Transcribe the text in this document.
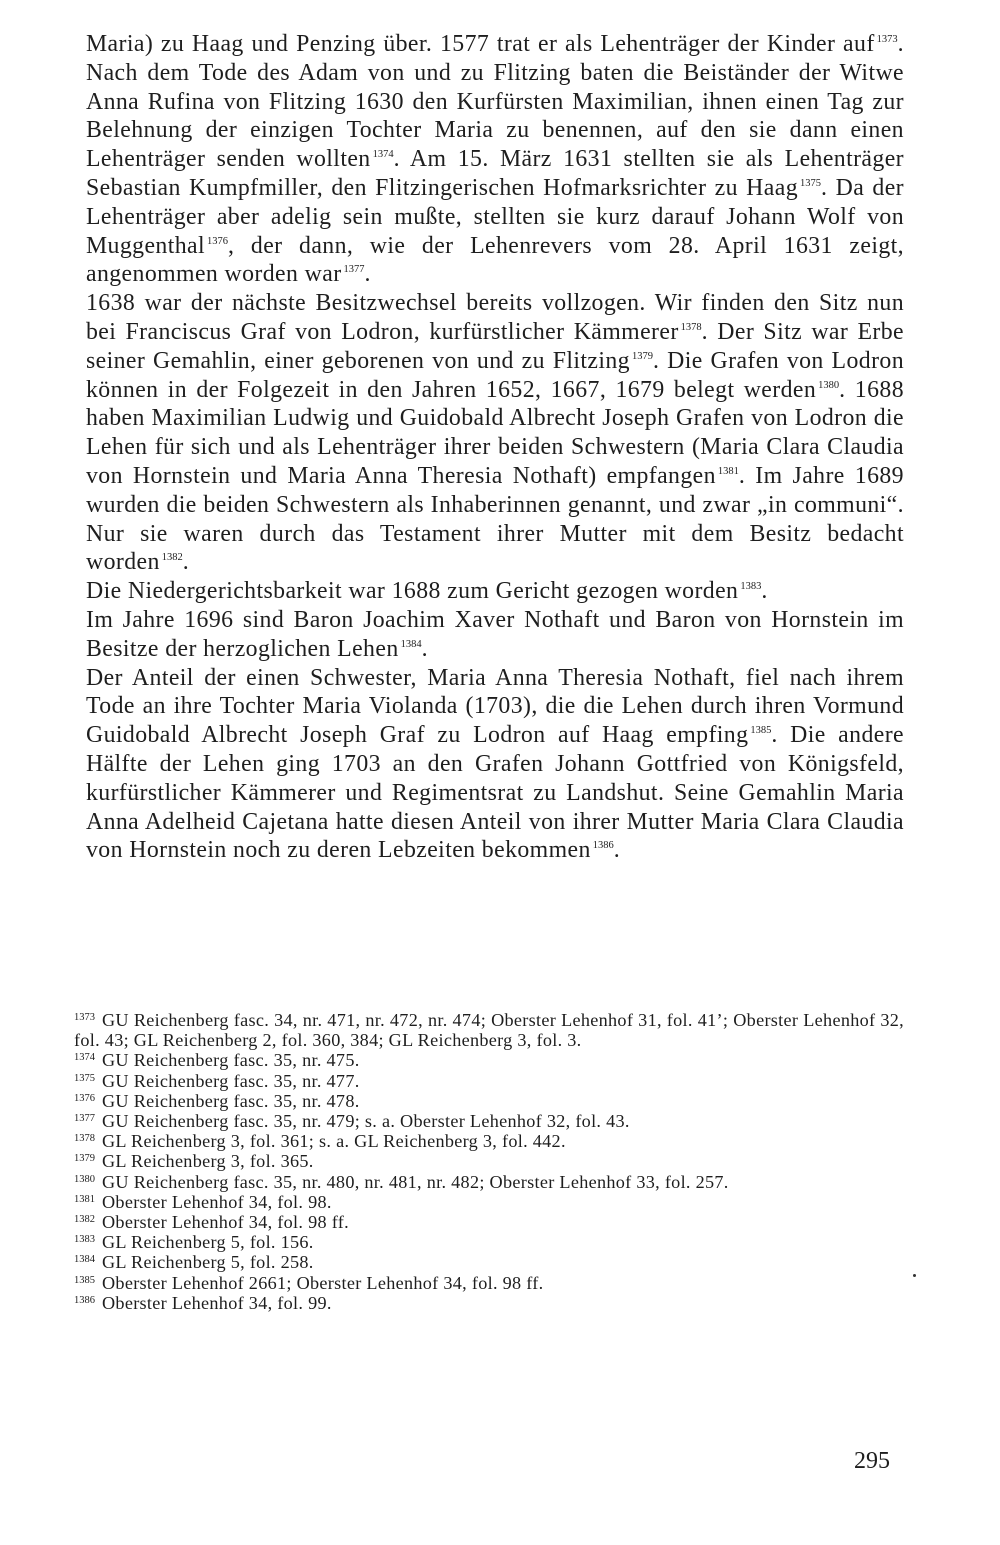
Maria) zu Haag und Penzing über. 1577 trat er als Lehenträger der Kinder auf $^{1373}$. Nach dem Tode des Adam von und zu Flitzing baten die Beiständer der Witwe Anna Rufina von Flitzing 1630 den Kurfürsten Maximilian, ihnen einen Tag zur Belehnung der einzigen Tochter Maria zu benennen, auf den sie dann einen Lehenträger senden wollten $^{1374}$. Am 15. März 1631 stellten sie als Lehenträger Sebastian Kumpfmiller, den Flitzingerischen Hofmarksrichter zu Haag $^{1375}$. Da der Lehenträger aber adelig sein mußte, stellten sie kurz darauf Johann Wolf von Muggenthal $^{1376}$, der dann, wie der Lehenrevers vom 28. April 1631 zeigt, angenommen worden war $^{1377}$.

1638 war der nächste Besitzwechsel bereits vollzogen. Wir finden den Sitz nun bei Franciscus Graf von Lodron, kurfürstlicher Kämmerer $^{1378}$. Der Sitz war Erbe seiner Gemahlin, einer geborenen von und zu Flitzing $^{1379}$. Die Grafen von Lodron können in der Folgezeit in den Jahren 1652, 1667, 1679 belegt werden $^{1380}$. 1688 haben Maximilian Ludwig und Guidobald Albrecht Joseph Grafen von Lodron die Lehen für sich und als Lehenträger ihrer beiden Schwestern (Maria Clara Claudia von Hornstein und Maria Anna Theresia Nothaft) empfangen $^{1381}$. Im Jahre 1689 wurden die beiden Schwestern als Inhaberinnen genannt, und zwar „in communi“. Nur sie waren durch das Testament ihrer Mutter mit dem Besitz bedacht worden $^{1382}$.

Die Niedergerichtsbarkeit war 1688 zum Gericht gezogen worden $^{1383}$.

Im Jahre 1696 sind Baron Joachim Xaver Nothaft und Baron von Hornstein im Besitze der herzoglichen Lehen $^{1384}$.

Der Anteil der einen Schwester, Maria Anna Theresia Nothaft, fiel nach ihrem Tode an ihre Tochter Maria Violanda (1703), die die Lehen durch ihren Vormund Guidobald Albrecht Joseph Graf zu Lodron auf Haag empfing $^{1385}$. Die andere Hälfte der Lehen ging 1703 an den Grafen Johann Gottfried von Königsfeld, kurfürstlicher Kämmerer und Regimentsrat zu Landshut. Seine Gemahlin Maria Anna Adelheid Cajetana hatte diesen Anteil von ihrer Mutter Maria Clara Claudia von Hornstein noch zu deren Lebzeiten bekommen $^{1386}$.

$^{1373}$ GU Reichenberg fasc. 34, nr. 471, nr. 472, nr. 474; Oberster Lehenhof 31, fol. 41’; Oberster Lehenhof 32, fol. 43; GL Reichenberg 2, fol. 360, 384; GL Reichenberg 3, fol. 3.
$^{1374}$ GU Reichenberg fasc. 35, nr. 475.
$^{1375}$ GU Reichenberg fasc. 35, nr. 477.
$^{1376}$ GU Reichenberg fasc. 35, nr. 478.
$^{1377}$ GU Reichenberg fasc. 35, nr. 479; s. a. Oberster Lehenhof 32, fol. 43.
$^{1378}$ GL Reichenberg 3, fol. 361; s. a. GL Reichenberg 3, fol. 442.
$^{1379}$ GL Reichenberg 3, fol. 365.
$^{1380}$ GU Reichenberg fasc. 35, nr. 480, nr. 481, nr. 482; Oberster Lehenhof 33, fol. 257.
$^{1381}$ Oberster Lehenhof 34, fol. 98.
$^{1382}$ Oberster Lehenhof 34, fol. 98 ff.
$^{1383}$ GL Reichenberg 5, fol. 156.
$^{1384}$ GL Reichenberg 5, fol. 258.
$^{1385}$ Oberster Lehenhof 2661; Oberster Lehenhof 34, fol. 98 ff.
$^{1386}$ Oberster Lehenhof 34, fol. 99.
295
